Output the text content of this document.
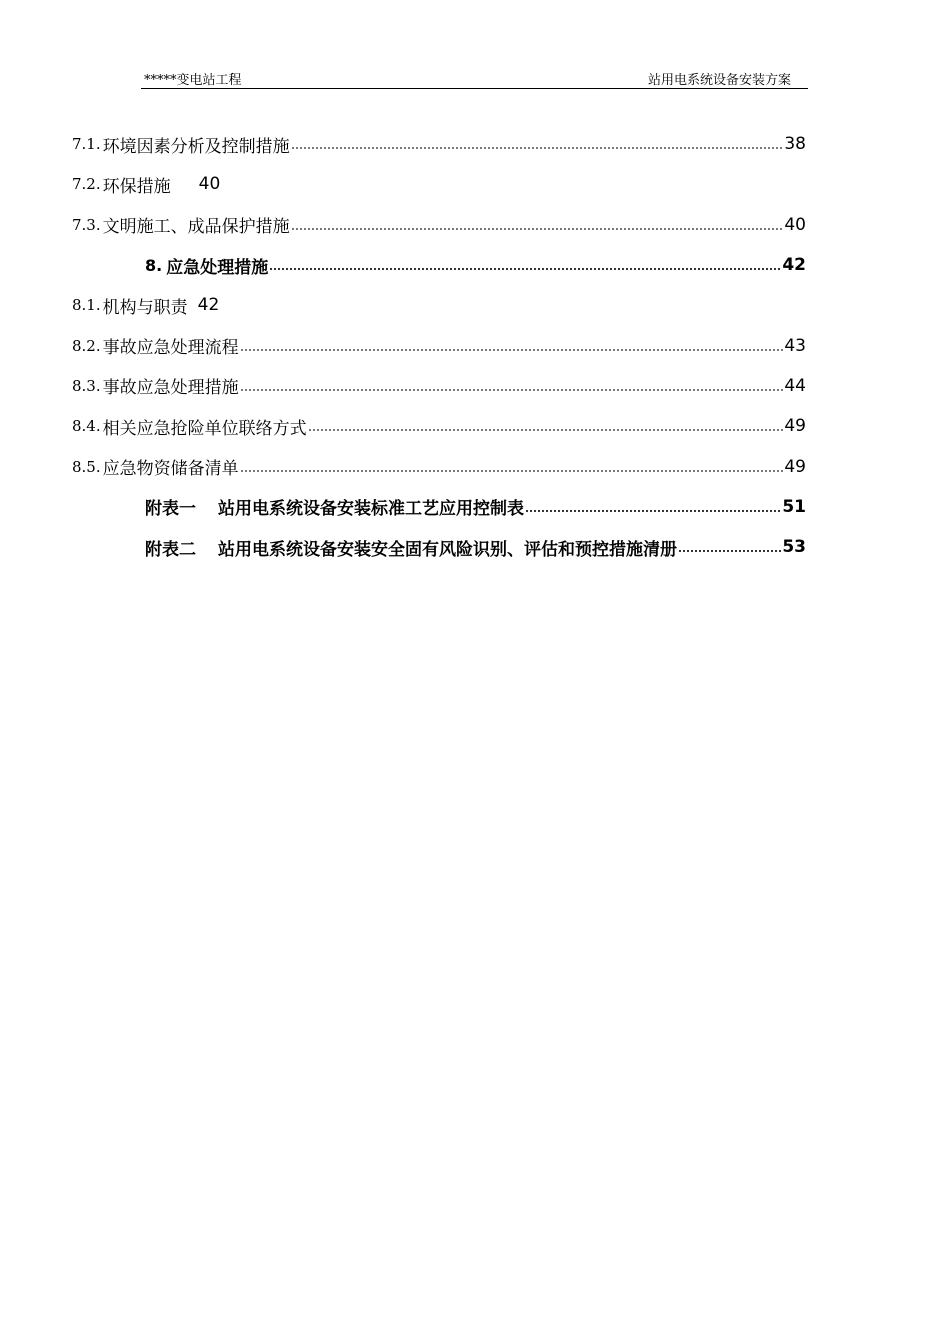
*****变电站工程	站用电系统设备安装方案
7.1. 环境因素分析及控制措施	38
7.2. 环保措施 40
7.3. 文明施工、成品保护措施	40
8. 应急处理措施	42
8.1. 机构与职责 42
8.2. 事故应急处理流程	43
8.3. 事故应急处理措施	44
8.4. 相关应急抢险单位联络方式	49
8.5. 应急物资储备清单	49
附表一 站用电系统设备安装标准工艺应用控制表	51
附表二 站用电系统设备安装安全固有风险识别、评估和预控措施清册	53
